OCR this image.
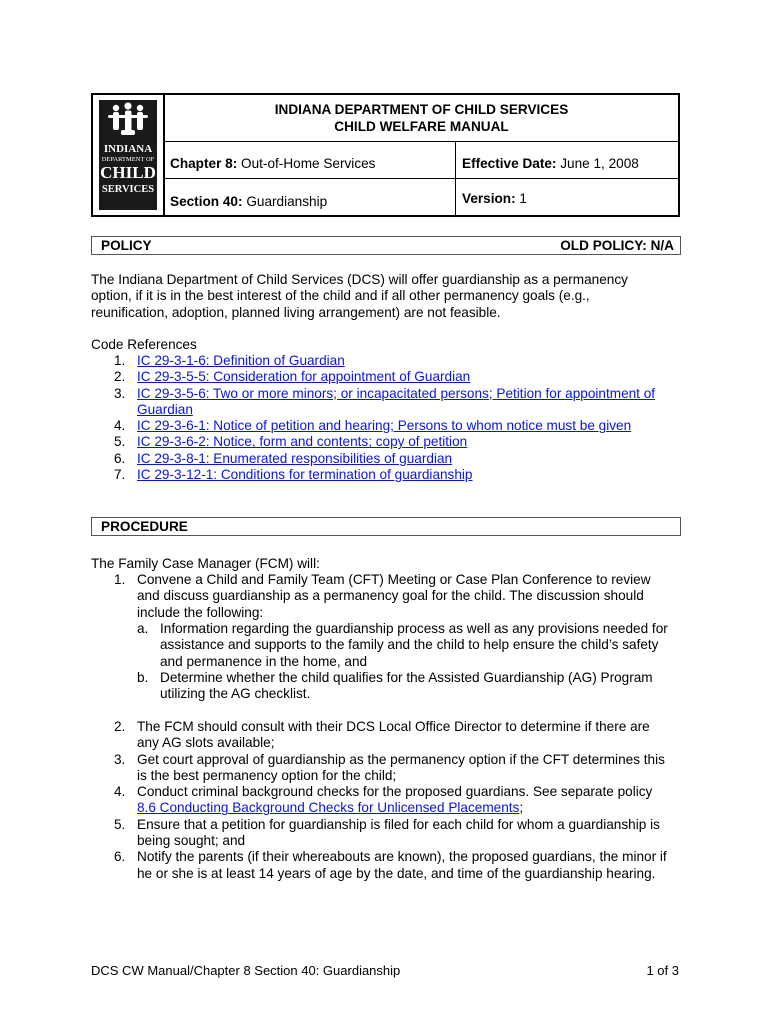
INDIANA
DEPARTMENT OF
CHILD
SERVICES
INDIANA DEPARTMENT OF CHILD SERVICES
CHILD WELFARE MANUAL
Chapter 8: Out-of-Home Services	Effective Date: June 1, 2008
Section 40: Guardianship	Version: 1
POLICY	OLD POLICY: N/A
The Indiana Department of Child Services (DCS) will offer guardianship as a permanency
option, if it is in the best interest of the child and if all other permanency goals (e.g.,
reunification, adoption, planned living arrangement) are not feasible.
Code References
1. IC 29-3-1-6: Definition of Guardian
2. IC 29-3-5-5: Consideration for appointment of Guardian
3. IC 29-3-5-6: Two or more minors; or incapacitated persons; Petition for appointment of
Guardian
4. IC 29-3-6-1: Notice of petition and hearing; Persons to whom notice must be given
5. IC 29-3-6-2: Notice, form and contents; copy of petition
6. IC 29-3-8-1: Enumerated responsibilities of guardian
7. IC 29-3-12-1: Conditions for termination of guardianship
PROCEDURE
The Family Case Manager (FCM) will:
1. Convene a Child and Family Team (CFT) Meeting or Case Plan Conference to review
and discuss guardianship as a permanency goal for the child. The discussion should
include the following:
a. Information regarding the guardianship process as well as any provisions needed for
assistance and supports to the family and the child to help ensure the child’s safety
and permanence in the home, and
b. Determine whether the child qualifies for the Assisted Guardianship (AG) Program
utilizing the AG checklist.
2. The FCM should consult with their DCS Local Office Director to determine if there are
any AG slots available;
3. Get court approval of guardianship as the permanency option if the CFT determines this
is the best permanency option for the child;
4. Conduct criminal background checks for the proposed guardians. See separate policy
8.6 Conducting Background Checks for Unlicensed Placements;
5. Ensure that a petition for guardianship is filed for each child for whom a guardianship is
being sought; and
6. Notify the parents (if their whereabouts are known), the proposed guardians, the minor if
he or she is at least 14 years of age by the date, and time of the guardianship hearing.
DCS CW Manual/Chapter 8 Section 40: Guardianship	1 of 3
